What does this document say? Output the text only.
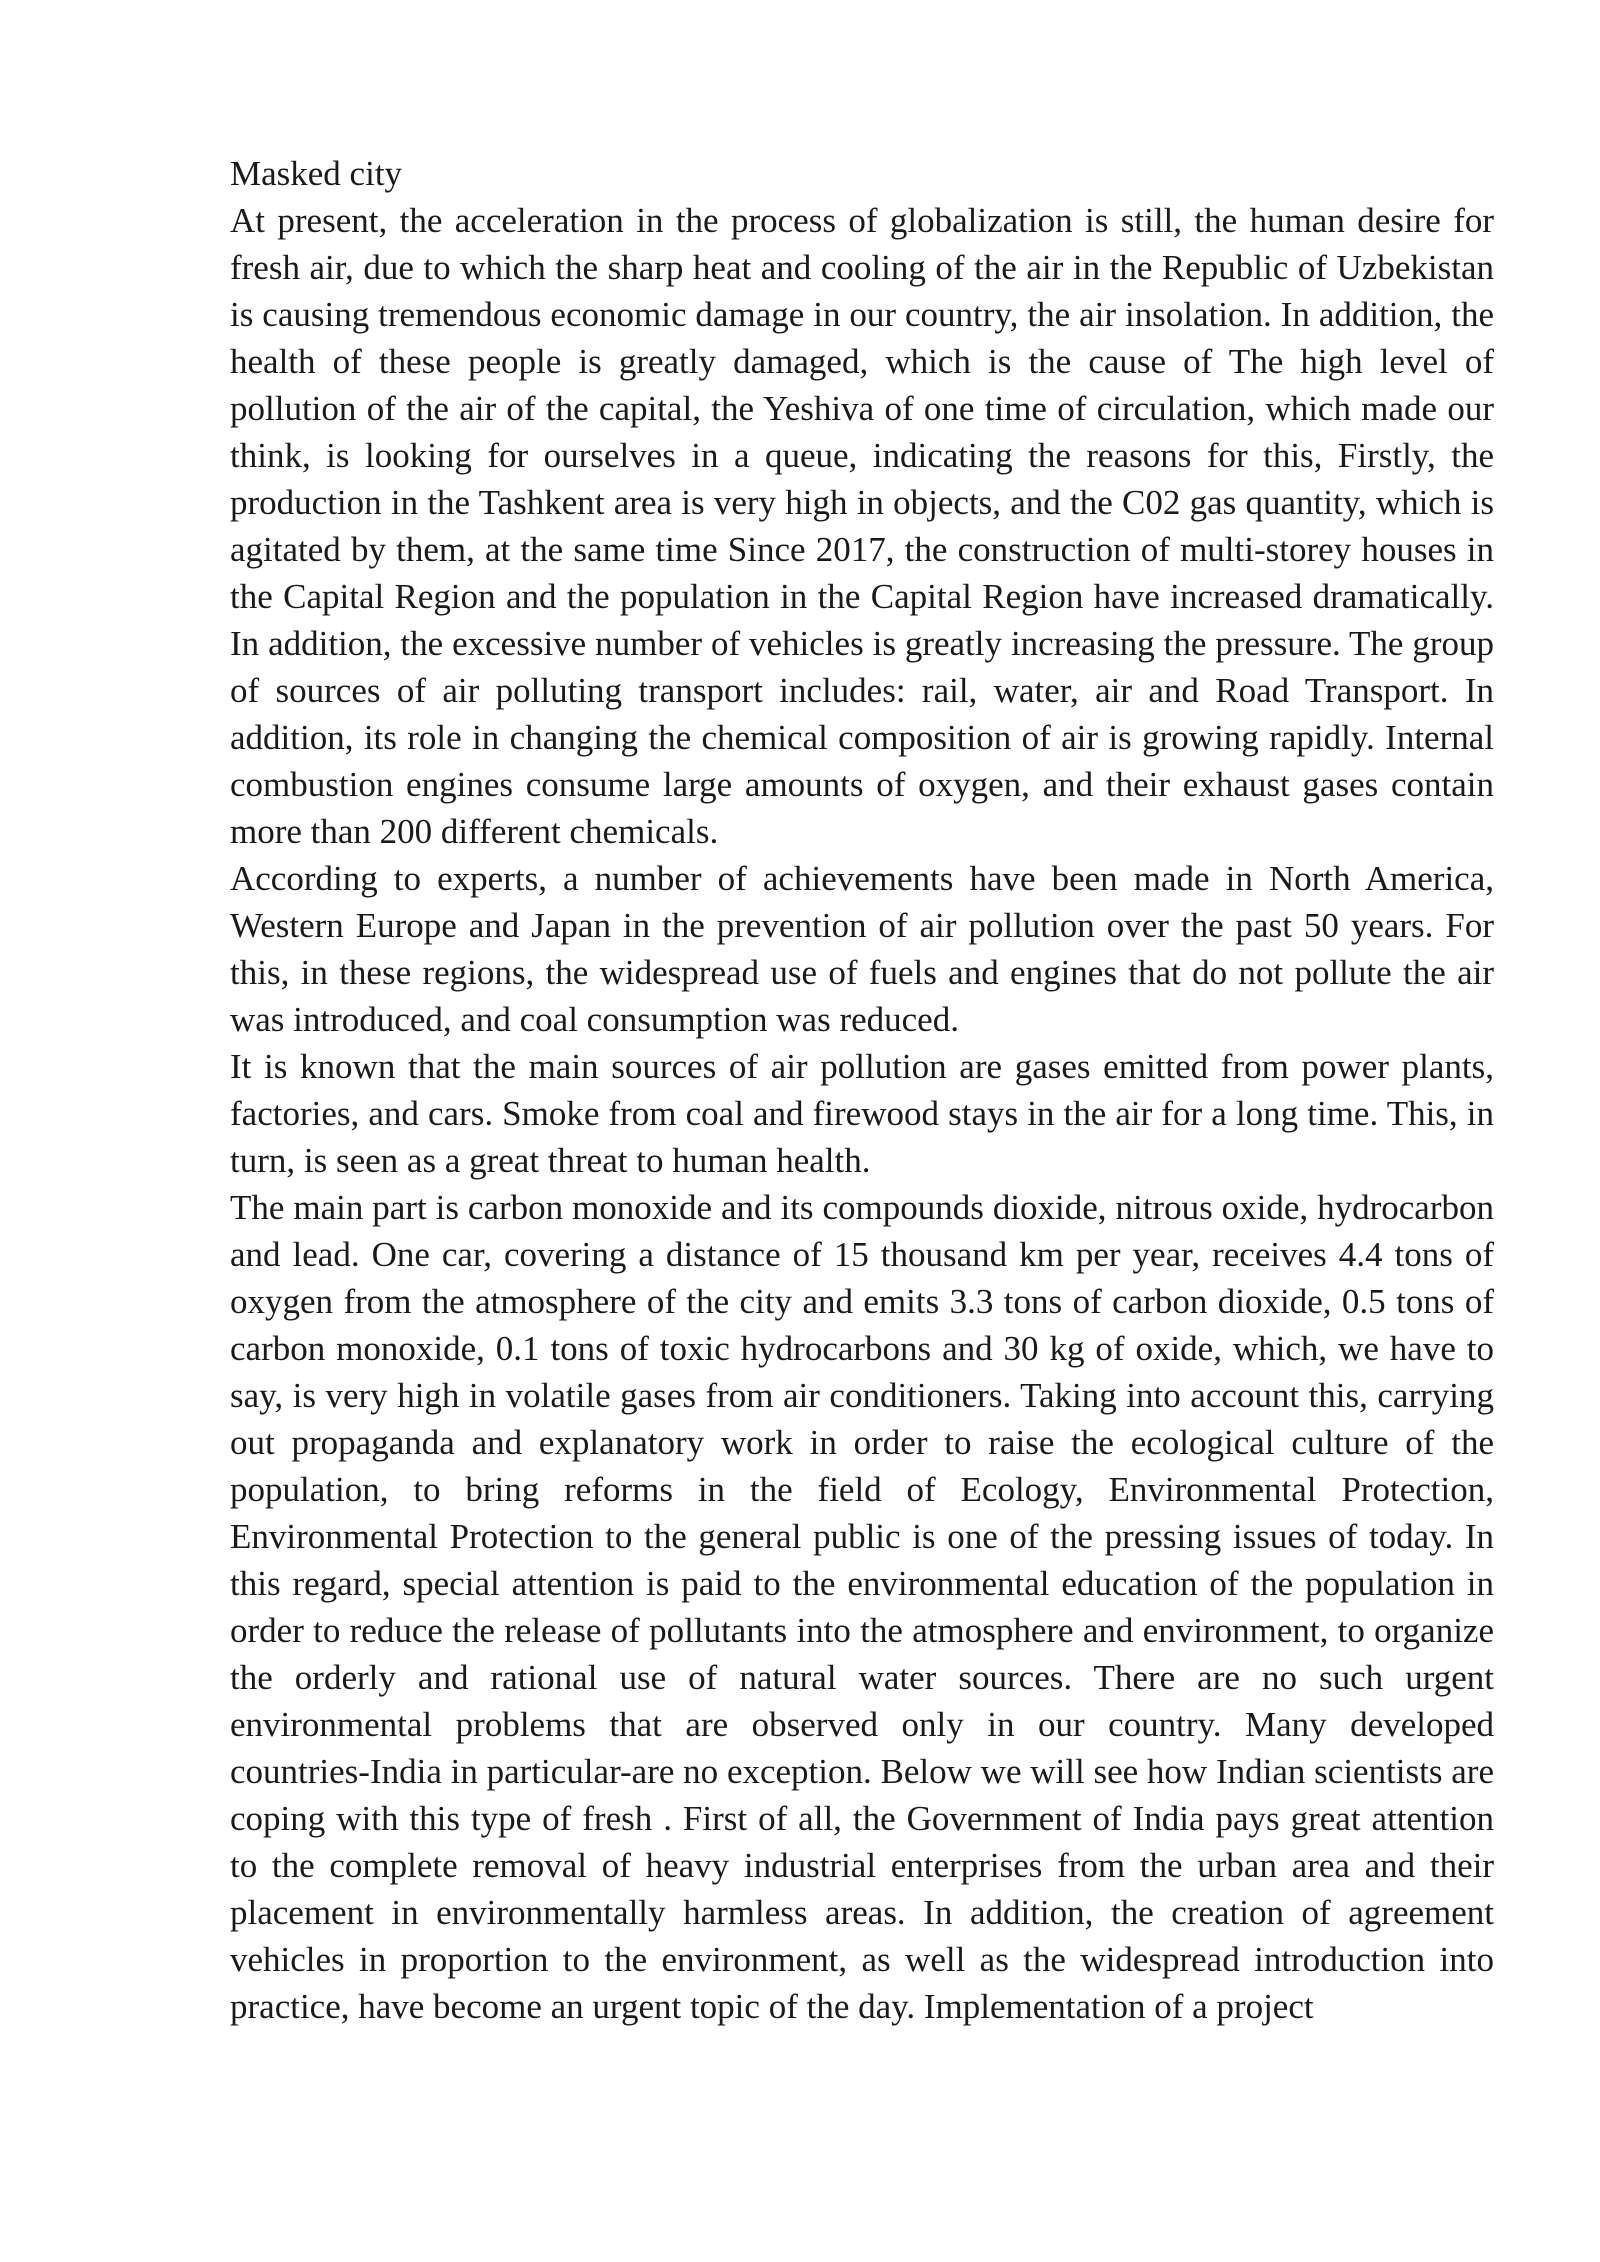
Masked city

At present, the acceleration in the process of globalization is still, the human desire for fresh air, due to which the sharp heat and cooling of the air in the Republic of Uzbekistan is causing tremendous economic damage in our country, the air insolation. In addition, the health of these people is greatly damaged, which is the cause of The high level of pollution of the air of the capital, the Yeshiva of one time of circulation, which made our think, is looking for ourselves in a queue, indicating the reasons for this, Firstly, the production in the Tashkent area is very high in objects, and the C02 gas quantity, which is agitated by them, at the same time Since 2017, the construction of multi-storey houses in the Capital Region and the population in the Capital Region have increased dramatically. In addition, the excessive number of vehicles is greatly increasing the pressure. The group of sources of air polluting transport includes: rail, water, air and Road Transport. In addition, its role in changing the chemical composition of air is growing rapidly. Internal combustion engines consume large amounts of oxygen, and their exhaust gases contain more than 200 different chemicals.

According to experts, a number of achievements have been made in North America, Western Europe and Japan in the prevention of air pollution over the past 50 years. For this, in these regions, the widespread use of fuels and engines that do not pollute the air was introduced, and coal consumption was reduced.

It is known that the main sources of air pollution are gases emitted from power plants, factories, and cars. Smoke from coal and firewood stays in the air for a long time. This, in turn, is seen as a great threat to human health.

The main part is carbon monoxide and its compounds dioxide, nitrous oxide, hydrocarbon and lead. One car, covering a distance of 15 thousand km per year, receives 4.4 tons of oxygen from the atmosphere of the city and emits 3.3 tons of carbon dioxide, 0.5 tons of carbon monoxide, 0.1 tons of toxic hydrocarbons and 30 kg of oxide, which, we have to say, is very high in volatile gases from air conditioners. Taking into account this, carrying out propaganda and explanatory work in order to raise the ecological culture of the population, to bring reforms in the field of Ecology, Environmental Protection, Environmental Protection to the general public is one of the pressing issues of today. In this regard, special attention is paid to the environmental education of the population in order to reduce the release of pollutants into the atmosphere and environment, to organize the orderly and rational use of natural water sources. There are no such urgent environmental problems that are observed only in our country. Many developed countries-India in particular-are no exception. Below we will see how Indian scientists are coping with this type of fresh . First of all, the Government of India pays great attention to the complete removal of heavy industrial enterprises from the urban area and their placement in environmentally harmless areas. In addition, the creation of agreement vehicles in proportion to the environment, as well as the widespread introduction into practice, have become an urgent topic of the day. Implementation of a project
